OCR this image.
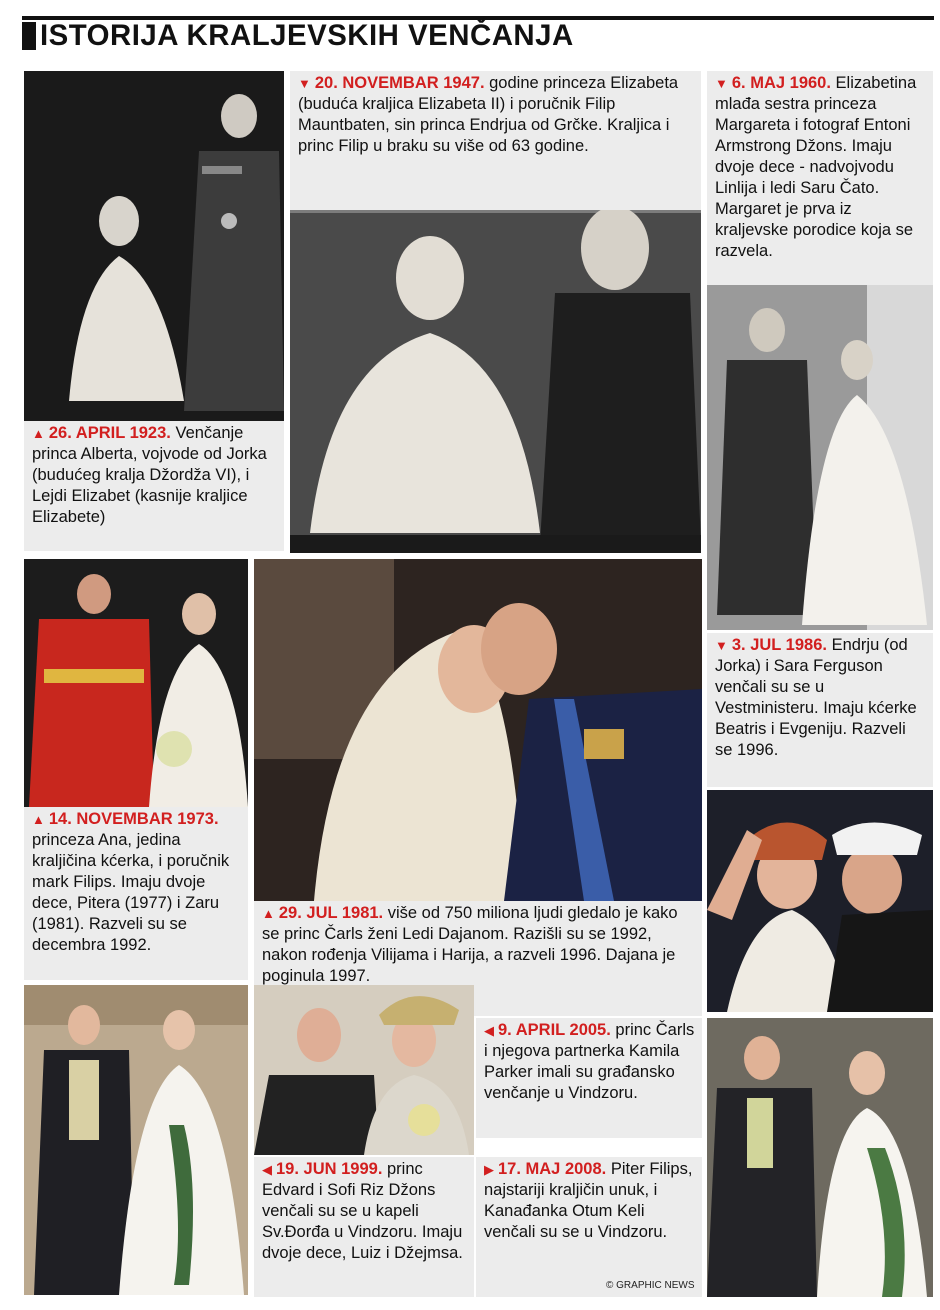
ISTORIJA KRALJEVSKIH VENČANJA
▲ 26. APRIL 1923. Venčanje princa Alberta, vojvode od Jorka (budućeg kralja Džordža VI), i Lejdi Elizabet (kasnije kraljice Elizabete)
▼ 20. NOVEMBAR 1947. godine princeza Elizabeta (buduća kraljica Elizabeta II) i poručnik Filip Mauntbaten, sin princa Endrjua od Grčke. Kraljica i princ Filip u braku su više od 63 godine.
▼ 6. MAJ 1960. Elizabetina mlađa sestra princeza Margareta i fotograf Entoni Armstrong Džons. Imaju dvoje dece - nadvojvodu Linlija i ledi Saru Čato. Margaret je prva iz kraljevske porodice koja se razvela.
▲ 14. NOVEMBAR 1973. princeza Ana, jedina kraljičina kćerka, i poručnik mark Filips. Imaju dvoje dece, Pitera (1977) i Zaru (1981). Razveli su se decembra 1992.
▲ 29. JUL 1981. više od 750 miliona ljudi gledalo je kako se princ Čarls ženi Ledi Dajanom. Razišli su se 1992, nakon rođenja Vilijama i Harija, a razveli 1996. Dajana je poginula 1997.
▼ 3. JUL 1986. Endrju (od Jorka) i Sara Ferguson venčali su se u Vestministeru. Imaju kćerke Beatris i Evgeniju. Razveli se 1996.
◀ 9. APRIL 2005. princ Čarls i njegova partnerka Kamila Parker imali su građansko venčanje u Vindzoru.
◀ 19. JUN 1999. princ Edvard i Sofi Riz Džons venčali su se u kapeli Sv.Đorđa u Vindzoru. Imaju dvoje dece, Luiz i Džejmsa.
▶ 17. MAJ 2008. Piter Filips, najstariji kraljičin unuk, i Kanađanka Otum Keli venčali su se u Vindzoru.
© GRAPHIC NEWS
